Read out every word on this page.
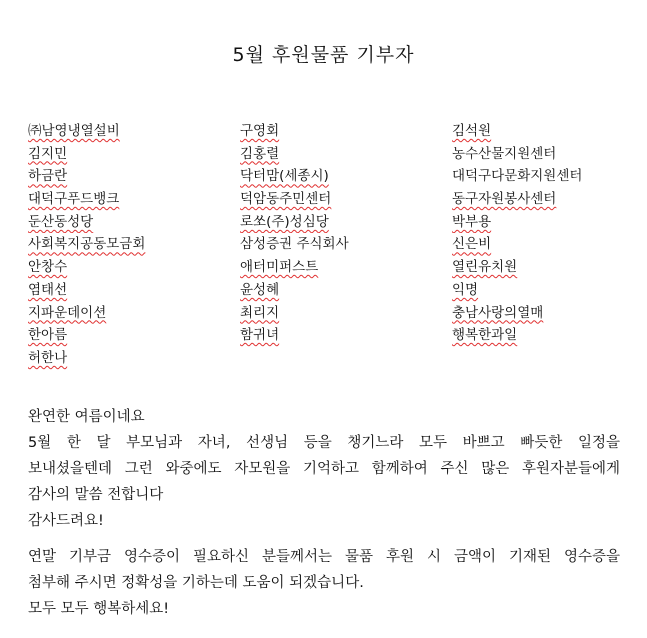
5월 후원물품 기부자
㈜남영냉열설비	구영회	김석원
김지민	김홍렬	농수산물지원센터
하금란	닥터맘(세종시)	대덕구다문화지원센터
대덕구푸드뱅크	덕암동주민센터	동구자원봉사센터
둔산동성당	로쏘(주)성심당	박부용
사회복지공동모금회	삼성증권 주식회사	신은비
안창수	애터미퍼스트	열린유치원
염태선	윤성혜	익명
지파운데이션	최리지	충남사랑의열매
한아름	함귀녀	행복한과일
허한나
완연한 여름이네요
5월 한 달 부모님과 자녀, 선생님 등을 챙기느라 모두 바쁘고 빠듯한 일정을
보내셨을텐데 그런 와중에도 자모원을 기억하고 함께하여 주신 많은 후원자분들에게
감사의 말씀 전합니다
감사드려요!
연말 기부금 영수증이 필요하신 분들께서는 물품 후원 시 금액이 기재된 영수증을
첨부해 주시면 정확성을 기하는데 도움이 되겠습니다.
모두 모두 행복하세요!
